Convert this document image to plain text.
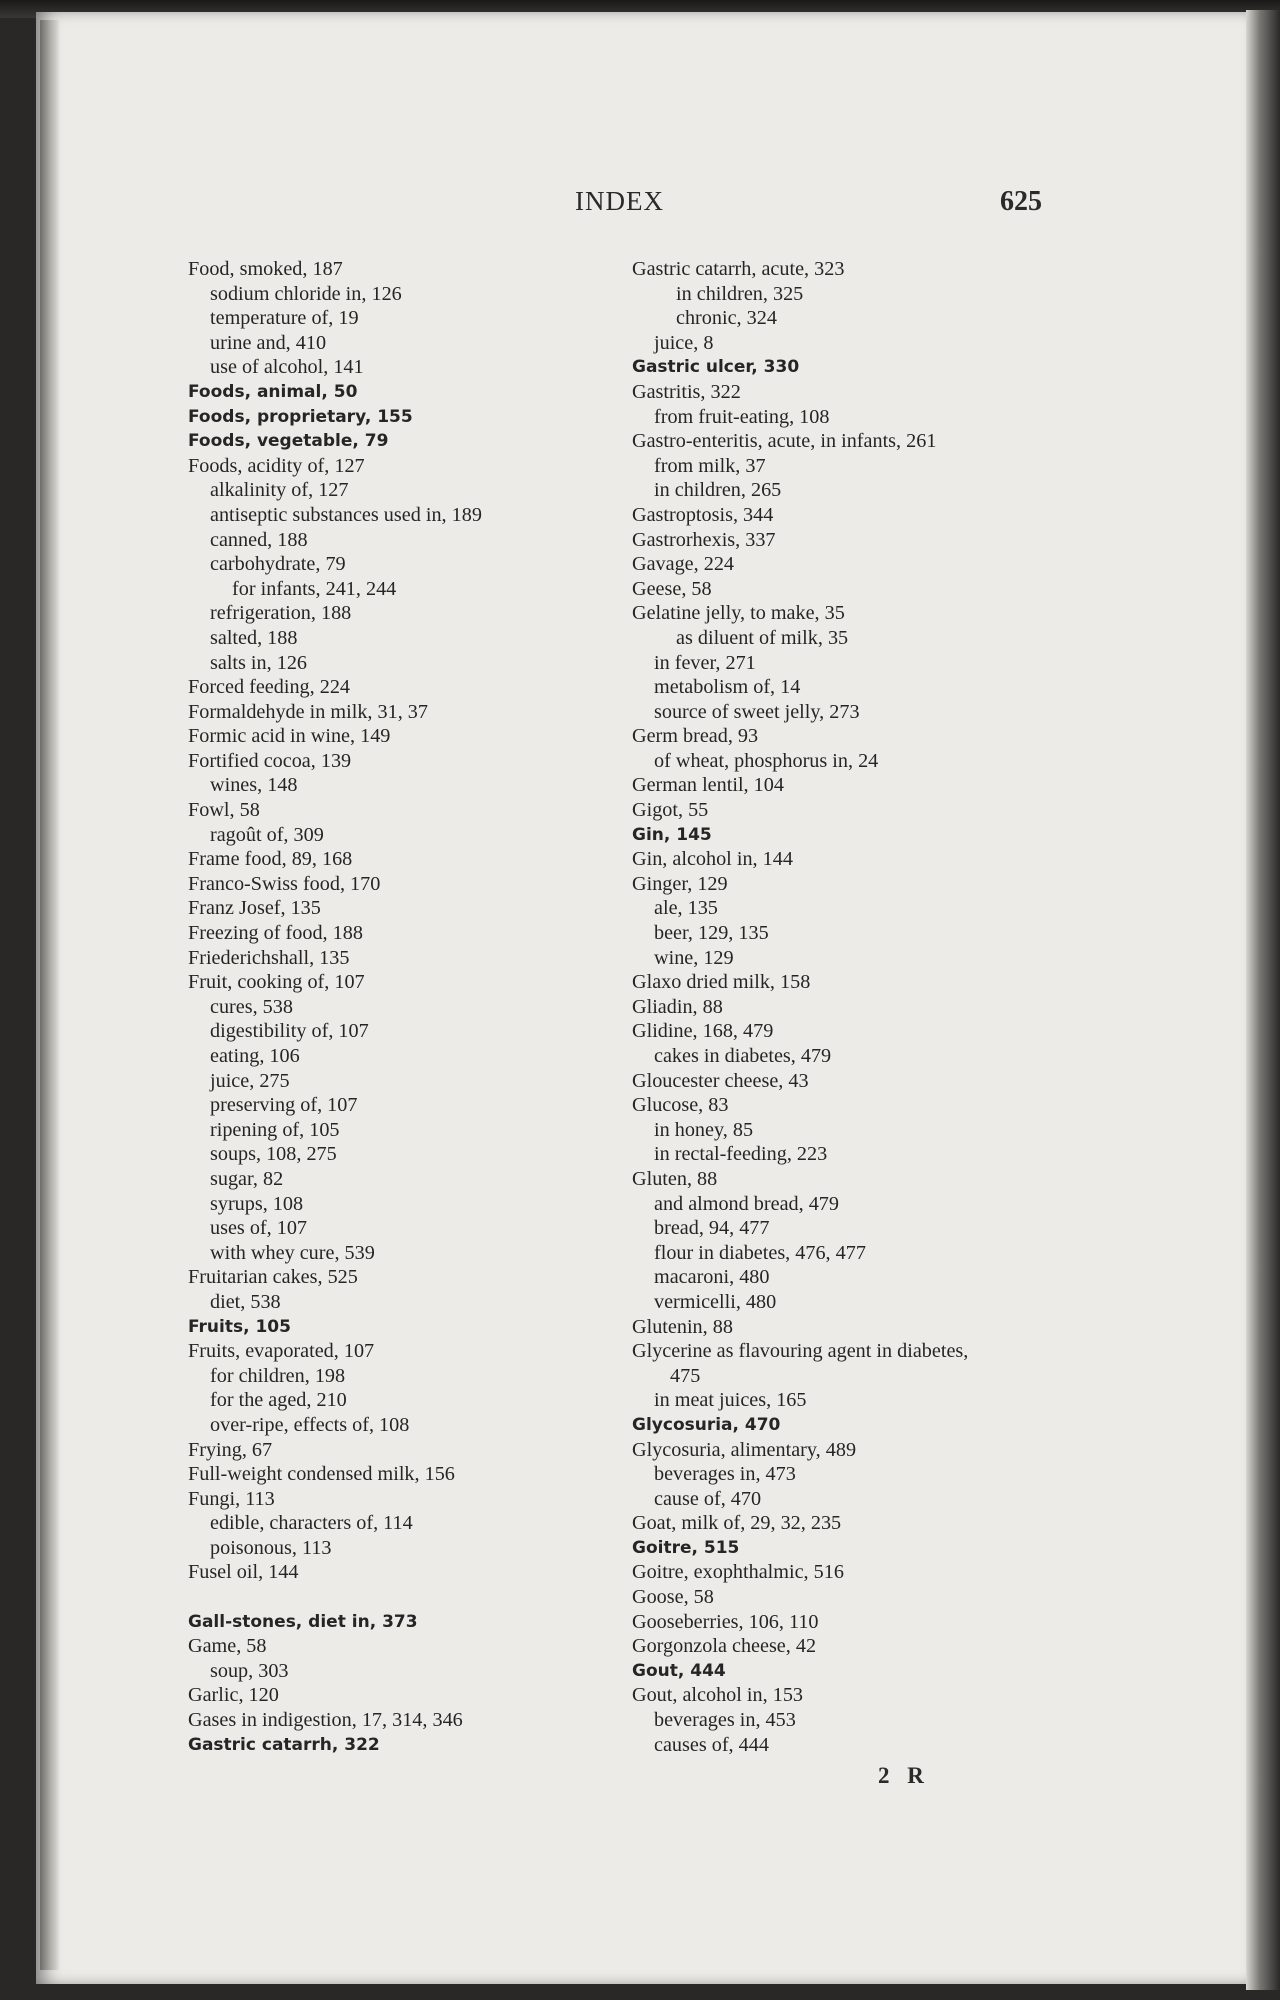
INDEX	625
Food, smoked, 187
sodium chloride in, 126
temperature of, 19
urine and, 410
use of alcohol, 141
Foods, animal, 50
Foods, proprietary, 155
Foods, vegetable, 79
Foods, acidity of, 127
alkalinity of, 127
antiseptic substances used in, 189
canned, 188
carbohydrate, 79
for infants, 241, 244
refrigeration, 188
salted, 188
salts in, 126
Forced feeding, 224
Formaldehyde in milk, 31, 37
Formic acid in wine, 149
Fortified cocoa, 139
wines, 148
Fowl, 58
ragoût of, 309
Frame food, 89, 168
Franco-Swiss food, 170
Franz Josef, 135
Freezing of food, 188
Friederichshall, 135
Fruit, cooking of, 107
cures, 538
digestibility of, 107
eating, 106
juice, 275
preserving of, 107
ripening of, 105
soups, 108, 275
sugar, 82
syrups, 108
uses of, 107
with whey cure, 539
Fruitarian cakes, 525
diet, 538
Fruits, 105
Fruits, evaporated, 107
for children, 198
for the aged, 210
over-ripe, effects of, 108
Frying, 67
Full-weight condensed milk, 156
Fungi, 113
edible, characters of, 114
poisonous, 113
Fusel oil, 144
Gall-stones, diet in, 373
Game, 58
soup, 303
Garlic, 120
Gases in indigestion, 17, 314, 346
Gastric catarrh, 322
Gastric catarrh, acute, 323
in children, 325
chronic, 324
juice, 8
Gastric ulcer, 330
Gastritis, 322
from fruit-eating, 108
Gastro-enteritis, acute, in infants, 261
from milk, 37
in children, 265
Gastroptosis, 344
Gastrorhexis, 337
Gavage, 224
Geese, 58
Gelatine jelly, to make, 35
as diluent of milk, 35
in fever, 271
metabolism of, 14
source of sweet jelly, 273
Germ bread, 93
of wheat, phosphorus in, 24
German lentil, 104
Gigot, 55
Gin, 145
Gin, alcohol in, 144
Ginger, 129
ale, 135
beer, 129, 135
wine, 129
Glaxo dried milk, 158
Gliadin, 88
Glidine, 168, 479
cakes in diabetes, 479
Gloucester cheese, 43
Glucose, 83
in honey, 85
in rectal-feeding, 223
Gluten, 88
and almond bread, 479
bread, 94, 477
flour in diabetes, 476, 477
macaroni, 480
vermicelli, 480
Glutenin, 88
Glycerine as flavouring agent in diabetes,
475
in meat juices, 165
Glycosuria, 470
Glycosuria, alimentary, 489
beverages in, 473
cause of, 470
Goat, milk of, 29, 32, 235
Goitre, 515
Goitre, exophthalmic, 516
Goose, 58
Gooseberries, 106, 110
Gorgonzola cheese, 42
Gout, 444
Gout, alcohol in, 153
beverages in, 453
causes of, 444
2 R
